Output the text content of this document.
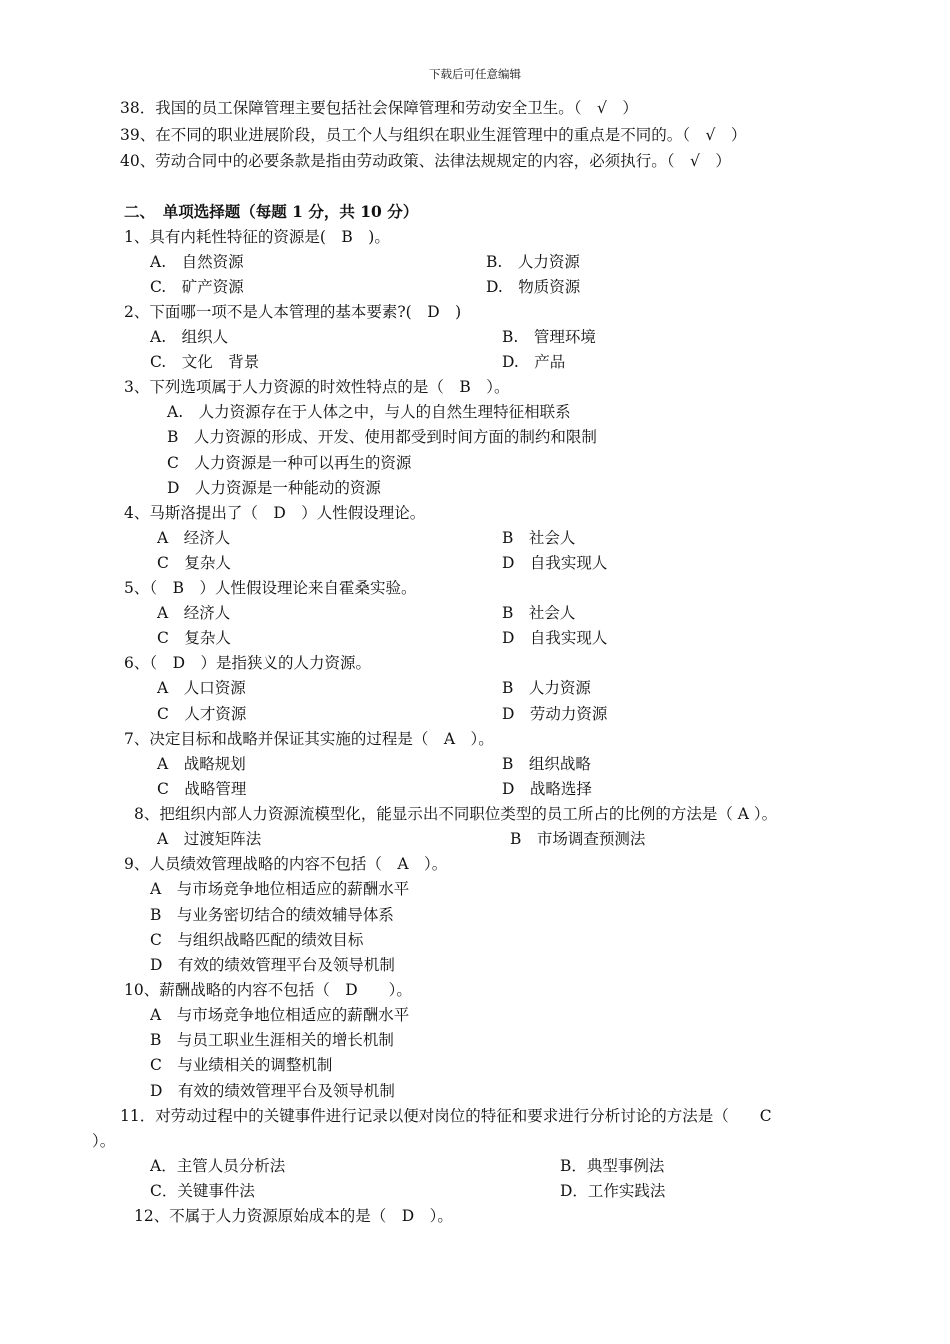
下载后可任意编辑
38．我国的员工保障管理主要包括社会保障管理和劳动安全卫生。（　√　）
39、在不同的职业进展阶段，员工个人与组织在职业生涯管理中的重点是不同的。（　√　）
40、劳动合同中的必要条款是指由劳动政策、法律法规规定的内容，必须执行。（　√　）
二、　单项选择题（每题 1 分，共 10 分）
1、具有内耗性特征的资源是(　B　)。
A.　自然资源	B.　人力资源
C.　矿产资源	D.　物质资源
2、下面哪一项不是人本管理的基本要素?(　D　)
A.　组织人	B.　管理环境
C.　文化　背景	D.　产品
3、下列选项属于人力资源的时效性特点的是（　B　）。
A.　人力资源存在于人体之中，与人的自然生理特征相联系
B　人力资源的形成、开发、使用都受到时间方面的制约和限制
C　人力资源是一种可以再生的资源
D　人力资源是一种能动的资源
4、马斯洛提出了（　D　）人性假设理论。
A　经济人	B　社会人
C　复杂人	D　自我实现人
5、（　B　）人性假设理论来自霍桑实验。
A　经济人	B　社会人
C　复杂人	D　自我实现人
6、（　D　）是指狭义的人力资源。
A　人口资源	B　人力资源
C　人才资源	D　劳动力资源
7、决定目标和战略并保证其实施的过程是（　A　）。
A　战略规划	B　组织战略
C　战略管理	D　战略选择
8、把组织内部人力资源流模型化，能显示出不同职位类型的员工所占的比例的方法是（ A ）。
A　过渡矩阵法	B　市场调查预测法
9、人员绩效管理战略的内容不包括（　A　）。
A　与市场竞争地位相适应的薪酬水平
B　与业务密切结合的绩效辅导体系
C　与组织战略匹配的绩效目标
D　有效的绩效管理平台及领导机制
10、薪酬战略的内容不包括（　D　　）。
A　与市场竞争地位相适应的薪酬水平
B　与员工职业生涯相关的增长机制
C　与业绩相关的调整机制
D　有效的绩效管理平台及领导机制
11．对劳动过程中的关键事件进行记录以便对岗位的特征和要求进行分析讨论的方法是（　　C
）。
A．主管人员分析法	B．典型事例法
C．关键事件法	D．工作实践法
12、不属于人力资源原始成本的是（　D　）。
